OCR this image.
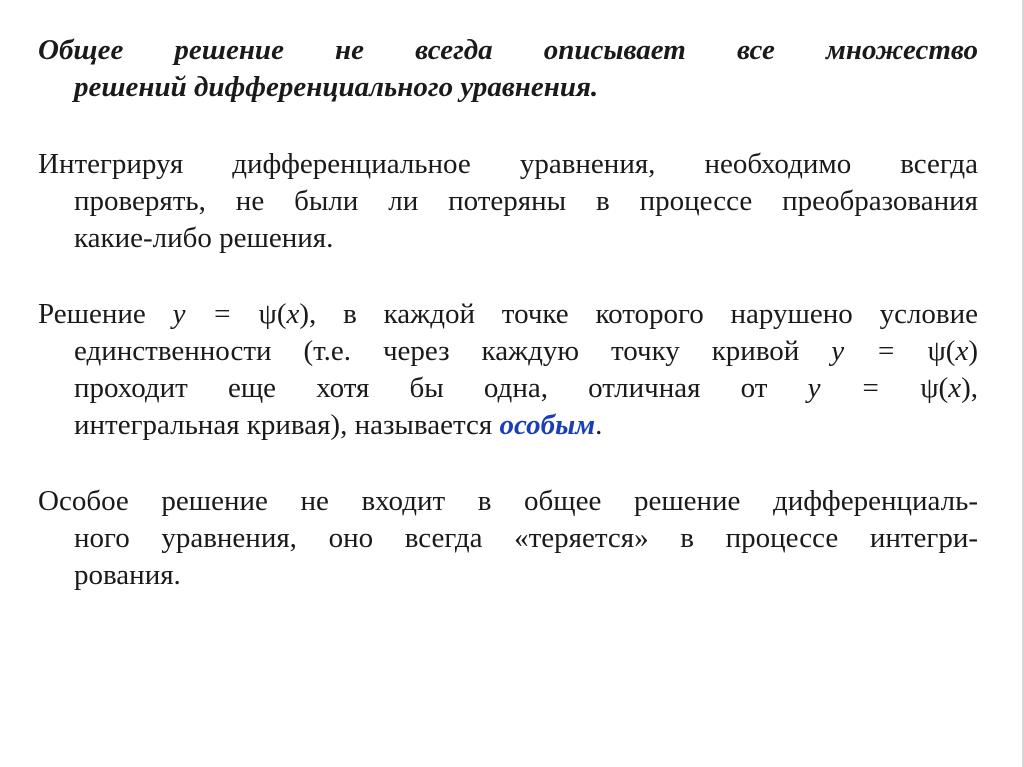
Общее решение не всегда описывает все множество
решений дифференциального уравнения.
Интегрируя дифференциальное уравнения, необходимо всегда
проверять, не были ли потеряны в процессе преобразования
какие-либо решения.
Решение y = ψ(x), в каждой точке которого нарушено условие
единственности (т.е. через каждую точку кривой y = ψ(x)
проходит еще хотя бы одна, отличная от y = ψ(x),
интегральная кривая), называется особым.
Особое решение не входит в общее решение дифференциаль-
ного уравнения, оно всегда «теряется» в процессе интегри-
рования.
